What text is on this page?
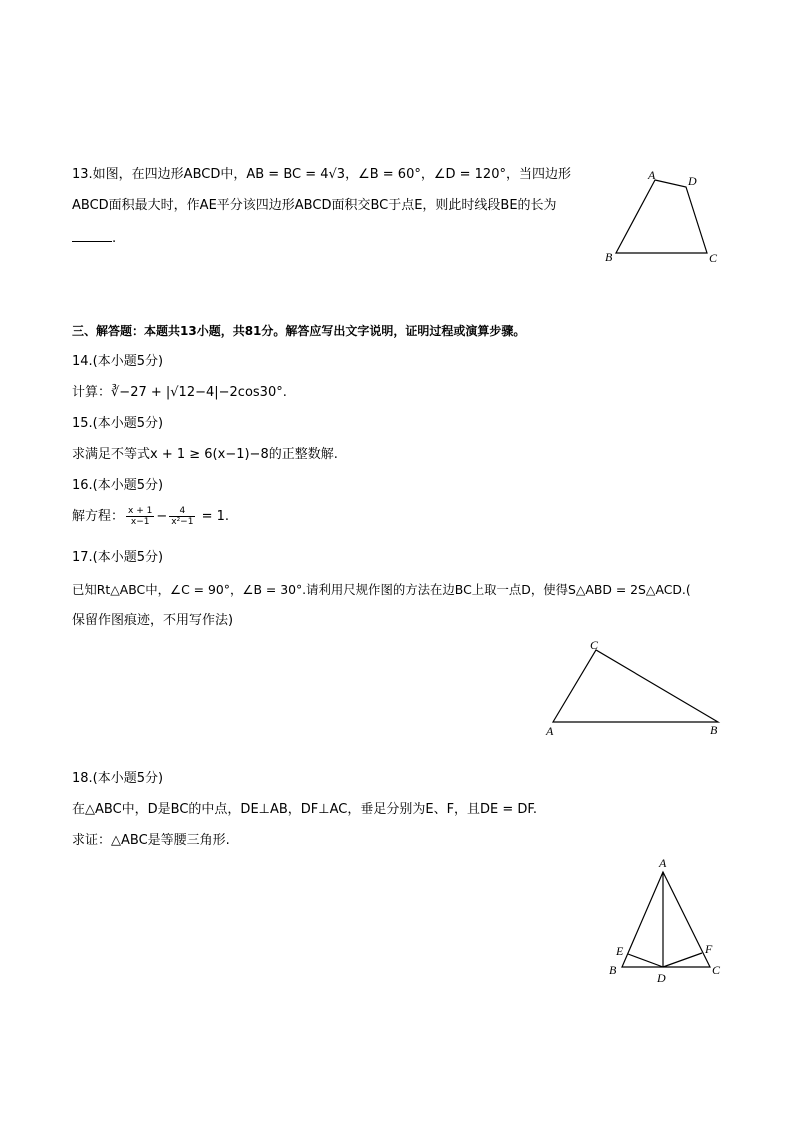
13.如图，在四边形ABCD中，AB = BC = 4√3，∠B = 60°，∠D = 120°，当四边形
ABCD面积最大时，作AE平分该四边形ABCD面积交BC于点E，则此时线段BE的长为
.
A	D
B	C
三、解答题：本题共13小题，共81分。解答应写出文字说明，证明过程或演算步骤。
14.(本小题5分)
计算：∛−27 + |√12−4|−2cos30°.
15.(本小题5分)
求满足不等式x + 1 ≥ 6(x−1)−8的正整数解.
16.(本小题5分)
解方程： $\frac{x + 1}{x-1} - \frac{4}{\text{x²−1}} = 1$.
17.(本小题5分)
已知Rt△ABC中，∠C = 90°，∠B = 30°.请利用尺规作图的方法在边BC上取一点D，使得S△ABD = 2S△ACD.(
保留作图痕迹，不用写作法)
C
A	B
18.(本小题5分)
在△ABC中，D是BC的中点，DE⊥AB，DF⊥AC，垂足分别为E、F，且DE = DF.
求证：△ABC是等腰三角形.
A
E	F
B
D
C
